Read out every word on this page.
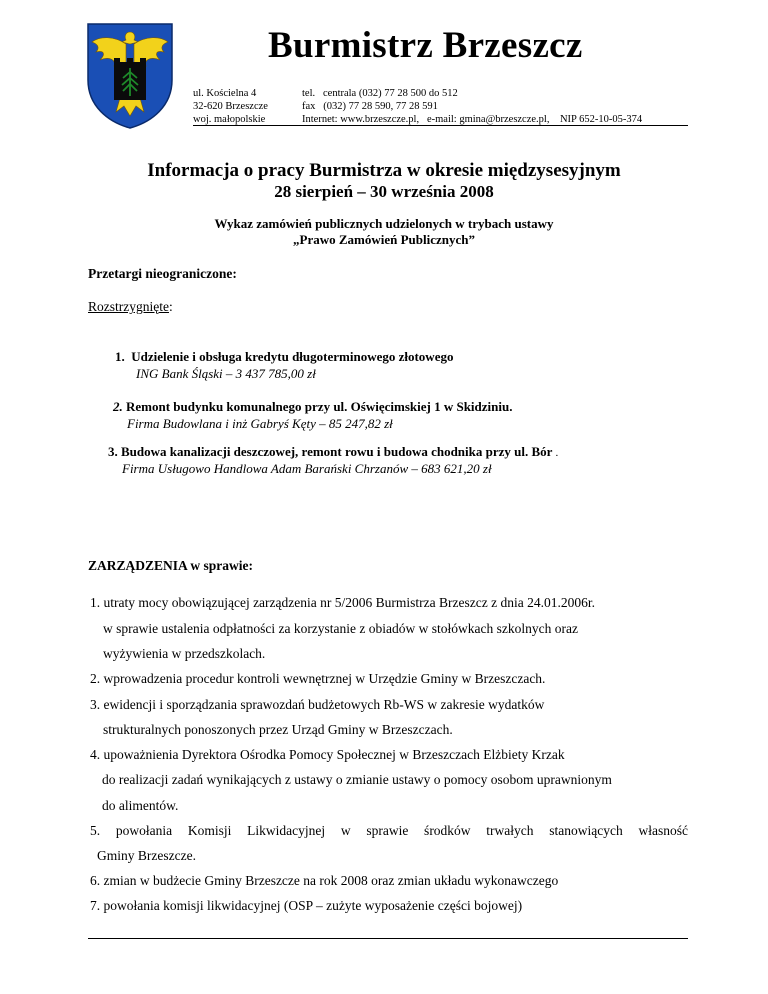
Burmistrz Brzeszcz
ul. Kościelna 4
32-620 Brzeszcze
woj. małopolskie
tel.   centrala (032) 77 28 500 do 512
fax   (032) 77 28 590, 77 28 591
Internet: www.brzeszcze.pl,   e-mail: gmina@brzeszcze.pl,    NIP 652-10-05-374
Informacja o pracy Burmistrza w okresie międzysesyjnym
28 sierpień – 30 września 2008
Wykaz zamówień publicznych udzielonych w trybach ustawy
„Prawo Zamówień Publicznych”
Przetargi nieograniczone:
Rozstrzygnięte:
1. Udzielenie i obsługa kredytu długoterminowego złotowego
ING Bank Śląski – 3 437 785,00 zł
2. Remont budynku komunalnego przy ul. Oświęcimskiej 1 w Skidziniu.
Firma Budowlana i inż Gabryś Kęty – 85 247,82 zł
3. Budowa kanalizacji deszczowej, remont rowu i budowa chodnika przy ul. Bór .
Firma Usługowo Handlowa Adam Barański Chrzanów – 683 621,20 zł
ZARZĄDZENIA w sprawie:
1. utraty mocy obowiązującej zarządzenia nr 5/2006 Burmistrza Brzeszcz z dnia 24.01.2006r.
w sprawie ustalenia odpłatności za korzystanie z obiadów w stołówkach szkolnych oraz
wyżywienia w przedszkolach.
2. wprowadzenia procedur kontroli wewnętrznej w Urzędzie Gminy w Brzeszczach.
3. ewidencji i sporządzania sprawozdań budżetowych Rb-WS w zakresie wydatków
strukturalnych ponoszonych przez Urząd Gminy w Brzeszczach.
4. upoważnienia Dyrektora Ośrodka Pomocy Społecznej w Brzeszczach Elżbiety Krzak
do realizacji zadań wynikających z ustawy o zmianie ustawy o pomocy osobom uprawnionym
do alimentów.
5. powołania Komisji Likwidacyjnej w sprawie środków trwałych stanowiących własność
Gminy Brzeszcze.
6. zmian w budżecie Gminy Brzeszcze na rok 2008 oraz zmian układu wykonawczego
7. powołania komisji likwidacyjnej (OSP – zużyte wyposażenie części bojowej)
